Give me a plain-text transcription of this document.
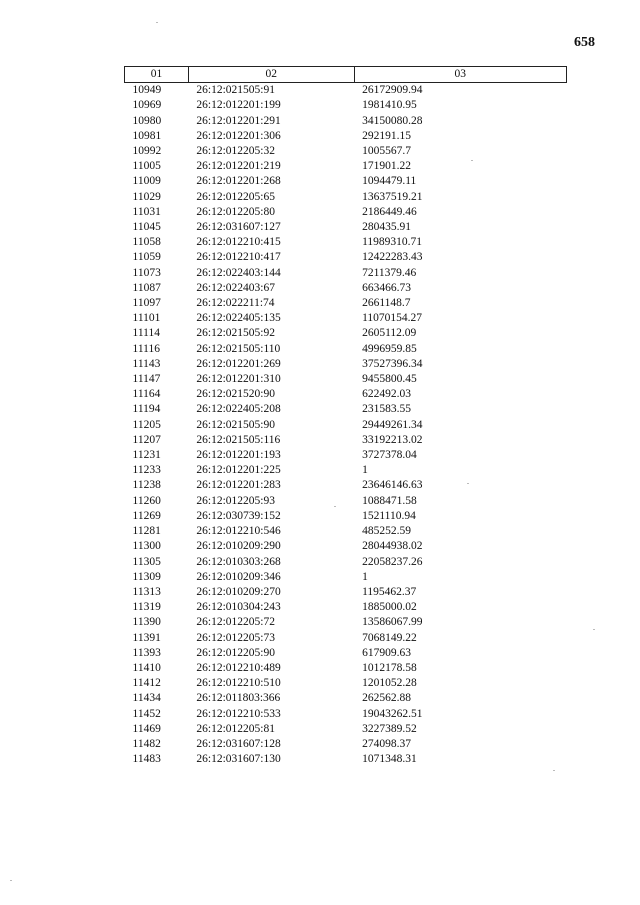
658
01	02	03
10949	26:12:021505:91	26172909.94
10969	26:12:012201:199	1981410.95
10980	26:12:012201:291	34150080.28
10981	26:12:012201:306	292191.15
10992	26:12:012205:32	1005567.7
11005	26:12:012201:219	171901.22
11009	26:12:012201:268	1094479.11
11029	26:12:012205:65	13637519.21
11031	26:12:012205:80	2186449.46
11045	26:12:031607:127	280435.91
11058	26:12:012210:415	11989310.71
11059	26:12:012210:417	12422283.43
11073	26:12:022403:144	7211379.46
11087	26:12:022403:67	663466.73
11097	26:12:022211:74	2661148.7
11101	26:12:022405:135	11070154.27
11114	26:12:021505:92	2605112.09
11116	26:12:021505:110	4996959.85
11143	26:12:012201:269	37527396.34
11147	26:12:012201:310	9455800.45
11164	26:12:021520:90	622492.03
11194	26:12:022405:208	231583.55
11205	26:12:021505:90	29449261.34
11207	26:12:021505:116	33192213.02
11231	26:12:012201:193	3727378.04
11233	26:12:012201:225	1
11238	26:12:012201:283	23646146.63
11260	26:12:012205:93	1088471.58
11269	26:12:030739:152	1521110.94
11281	26:12:012210:546	485252.59
11300	26:12:010209:290	28044938.02
11305	26:12:010303:268	22058237.26
11309	26:12:010209:346	1
11313	26:12:010209:270	1195462.37
11319	26:12:010304:243	1885000.02
11390	26:12:012205:72	13586067.99
11391	26:12:012205:73	7068149.22
11393	26:12:012205:90	617909.63
11410	26:12:012210:489	1012178.58
11412	26:12:012210:510	1201052.28
11434	26:12:011803:366	262562.88
11452	26:12:012210:533	19043262.51
11469	26:12:012205:81	3227389.52
11482	26:12:031607:128	274098.37
11483	26:12:031607:130	1071348.31
